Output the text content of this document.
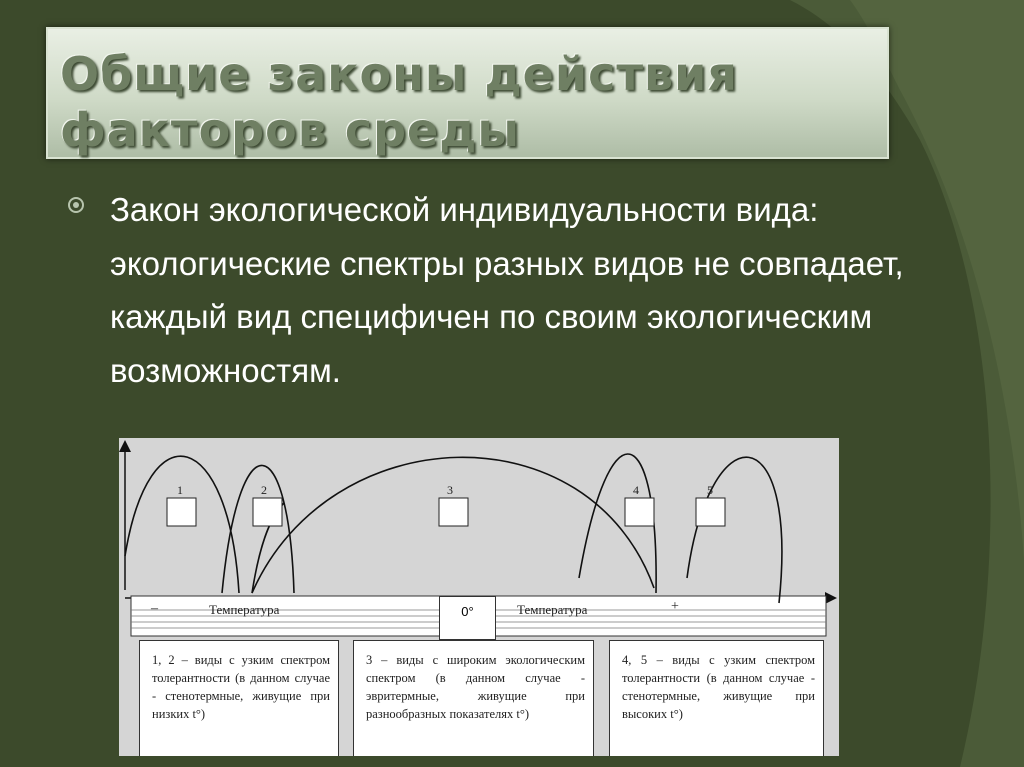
Общие законы действия
факторов среды

Закон экологической индивидуальности вида: экологические спектры разных видов не совпадает, каждый вид специфичен по своим экологическим возможностям.

1	2	3	4	5
–	Температура	Температура	+
0°
1, 2 – виды с узким спектром толерантности (в данном случае - стенотермные, живущие при низких t°)
3 – виды с широким экологическим спектром (в данном случае - эвритермные, живущие при разнообразных показателях t°)
4, 5 – виды с узким спектром толерантности (в данном случае - стенотермные, живущие при высоких t°)
